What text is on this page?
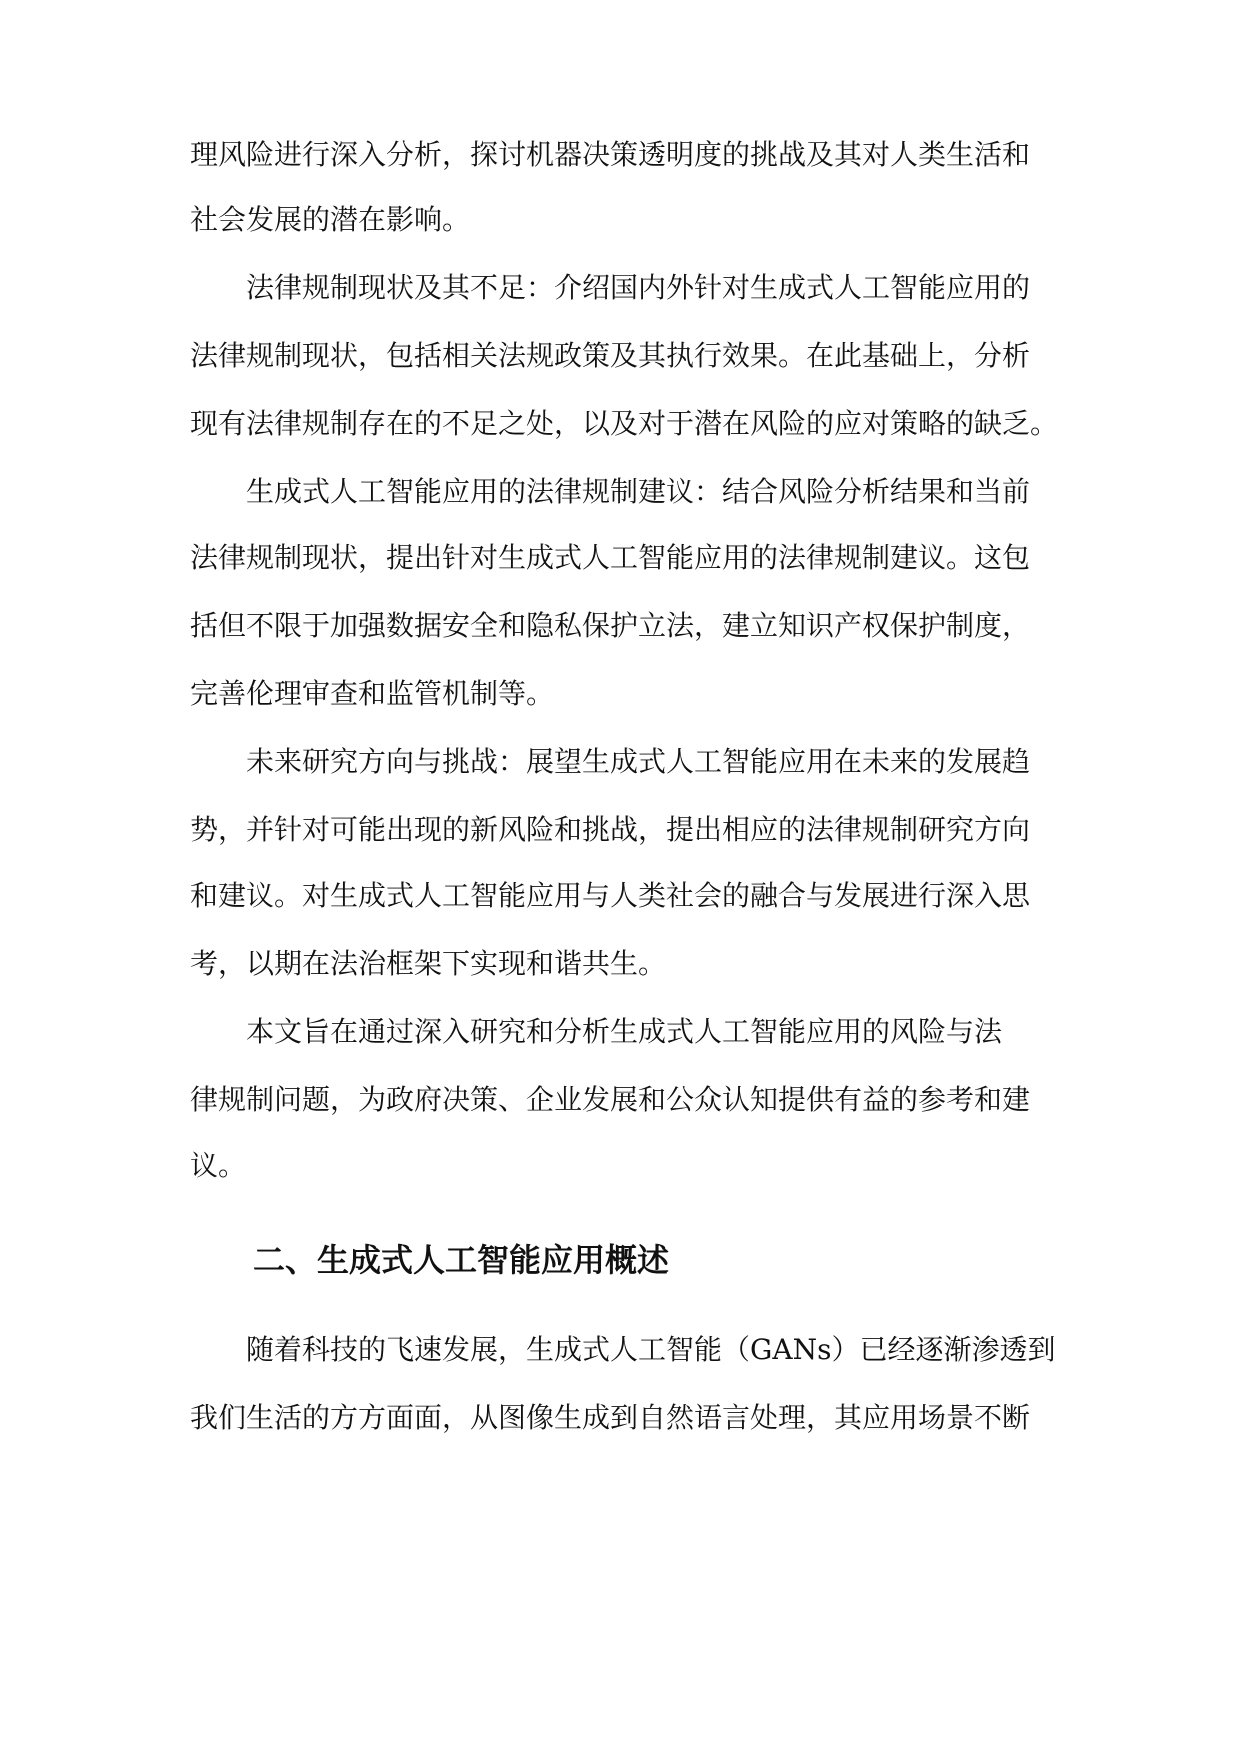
理风险进行深入分析，探讨机器决策透明度的挑战及其对人类生活和
社会发展的潜在影响。
法律规制现状及其不足：介绍国内外针对生成式人工智能应用的
法律规制现状，包括相关法规政策及其执行效果。在此基础上，分析
现有法律规制存在的不足之处，以及对于潜在风险的应对策略的缺乏。
生成式人工智能应用的法律规制建议：结合风险分析结果和当前
法律规制现状，提出针对生成式人工智能应用的法律规制建议。这包
括但不限于加强数据安全和隐私保护立法，建立知识产权保护制度，
完善伦理审查和监管机制等。
未来研究方向与挑战：展望生成式人工智能应用在未来的发展趋
势，并针对可能出现的新风险和挑战，提出相应的法律规制研究方向
和建议。对生成式人工智能应用与人类社会的融合与发展进行深入思
考，以期在法治框架下实现和谐共生。
本文旨在通过深入研究和分析生成式人工智能应用的风险与法
律规制问题，为政府决策、企业发展和公众认知提供有益的参考和建
议。
二、生成式人工智能应用概述
随着科技的飞速发展，生成式人工智能（GANs）已经逐渐渗透到
我们生活的方方面面，从图像生成到自然语言处理，其应用场景不断
